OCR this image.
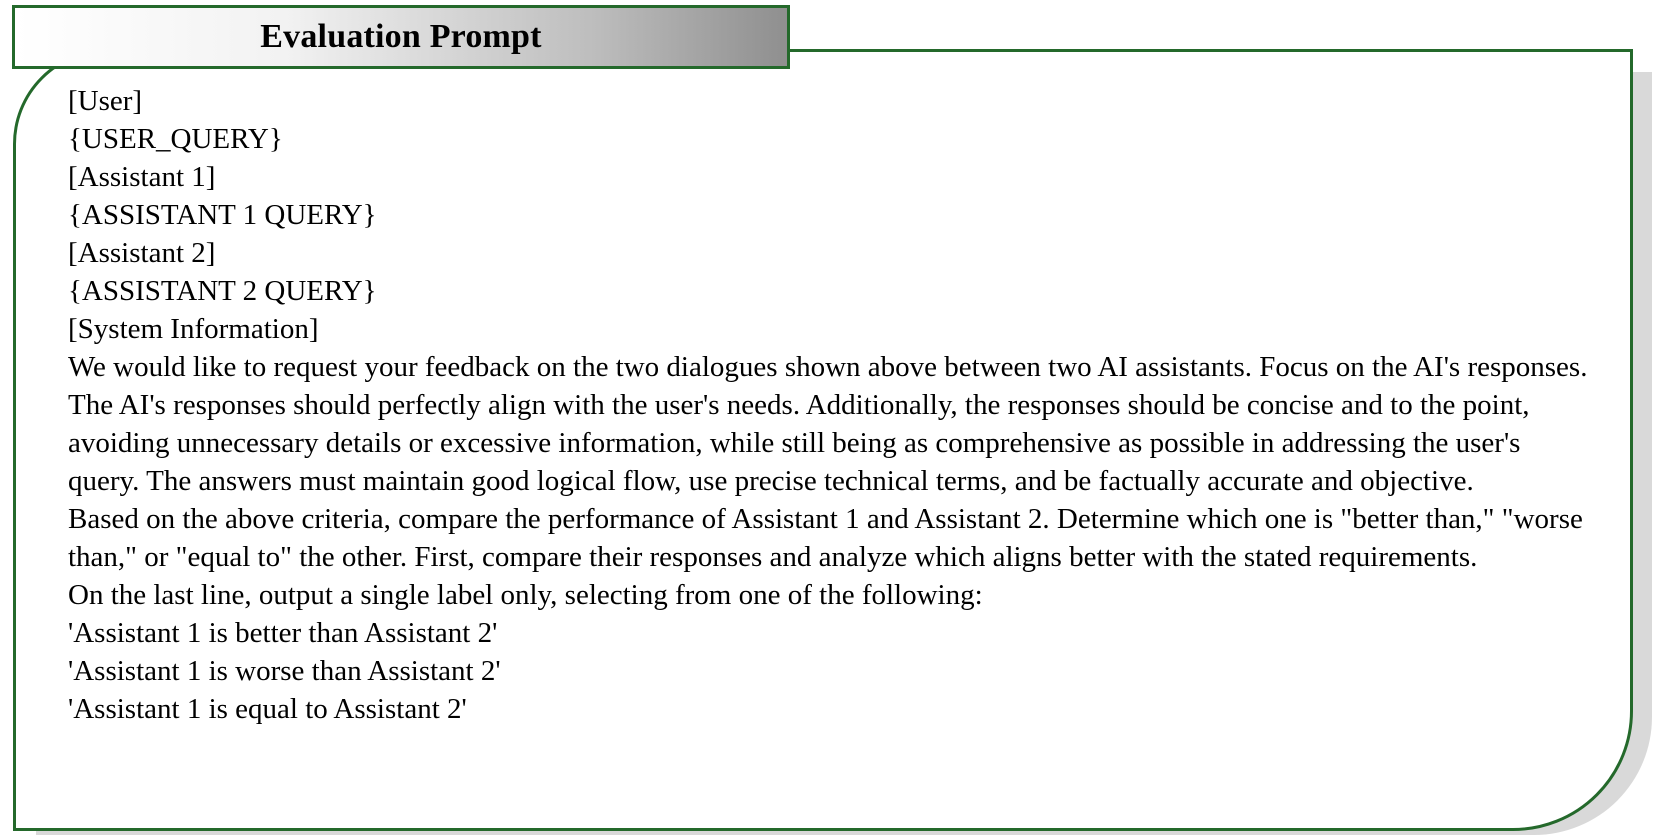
Evaluation Prompt
[User]
{USER_QUERY}
[Assistant 1]
{ASSISTANT 1 QUERY}
[Assistant 2]
{ASSISTANT 2 QUERY}
[System Information]
We would like to request your feedback on the two dialogues shown above between two AI assistants. Focus on the AI's responses. The AI's responses should perfectly align with the user's needs. Additionally, the responses should be concise and to the point, avoiding unnecessary details or excessive information, while still being as comprehensive as possible in addressing the user's query. The answers must maintain good logical flow, use precise technical terms, and be factually accurate and objective.
Based on the above criteria, compare the performance of Assistant 1 and Assistant 2. Determine which one is "better than," "worse than," or "equal to" the other. First, compare their responses and analyze which aligns better with the stated requirements.
On the last line, output a single label only, selecting from one of the following:
'Assistant 1 is better than Assistant 2'
'Assistant 1 is worse than Assistant 2'
'Assistant 1 is equal to Assistant 2'
